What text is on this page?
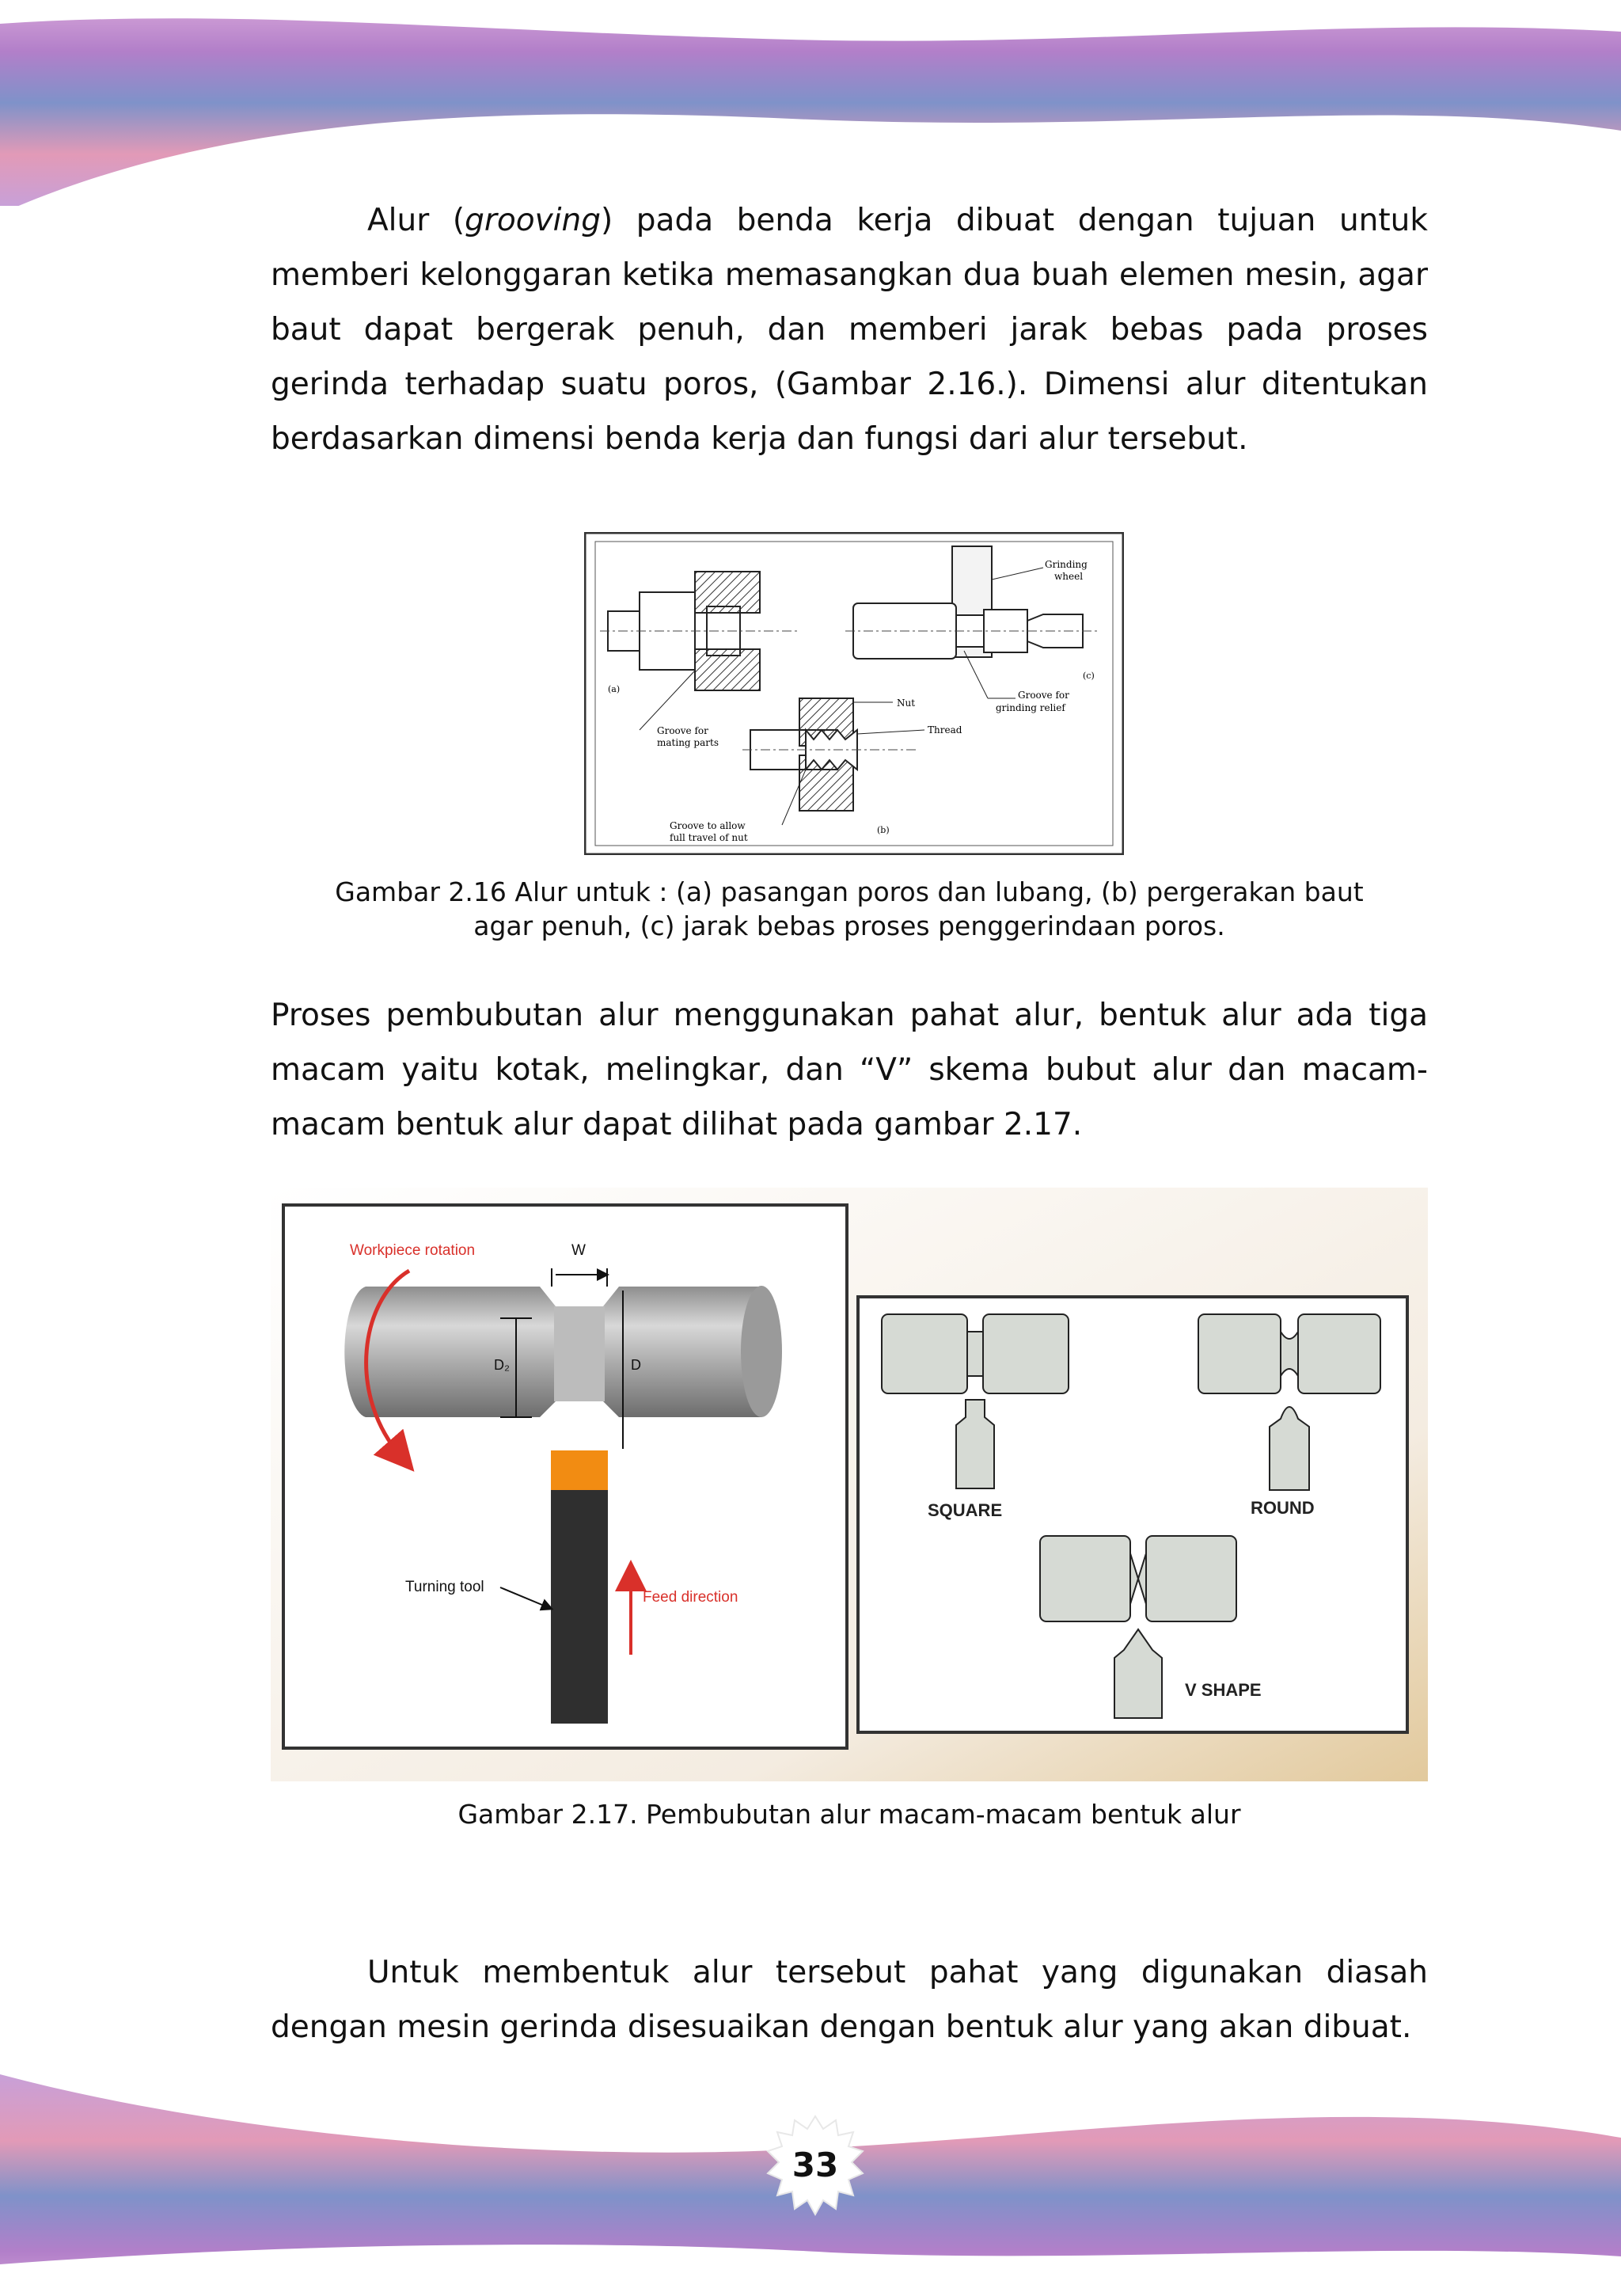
Alur (grooving) pada benda kerja dibuat dengan tujuan untuk memberi kelonggaran ketika memasangkan dua buah elemen mesin, agar baut dapat bergerak penuh, dan memberi jarak bebas pada proses gerinda terhadap suatu poros, (Gambar 2.16.). Dimensi alur ditentukan berdasarkan dimensi benda kerja dan fungsi dari alur tersebut.

(a)
Groove for
mating parts
Nut
Thread
Groove to allow
full travel of nut
(b)
Grinding
wheel
(c)
Groove for
grinding relief

Gambar 2.16 Alur untuk : (a) pasangan poros dan lubang, (b) pergerakan baut
agar penuh, (c) jarak bebas proses penggerindaan poros.

Proses pembubutan alur menggunakan pahat alur, bentuk alur ada tiga macam yaitu kotak, melingkar, dan “V” skema bubut alur dan macam-macam bentuk alur dapat dilihat pada gambar 2.17.

Workpiece rotation	W
D₂	D
Turning tool
Feed direction
SQUARE	ROUND
V SHAPE

Gambar 2.17. Pembubutan alur macam-macam bentuk alur

Untuk membentuk alur tersebut pahat yang digunakan diasah dengan mesin gerinda disesuaikan dengan bentuk alur yang akan dibuat.

33
